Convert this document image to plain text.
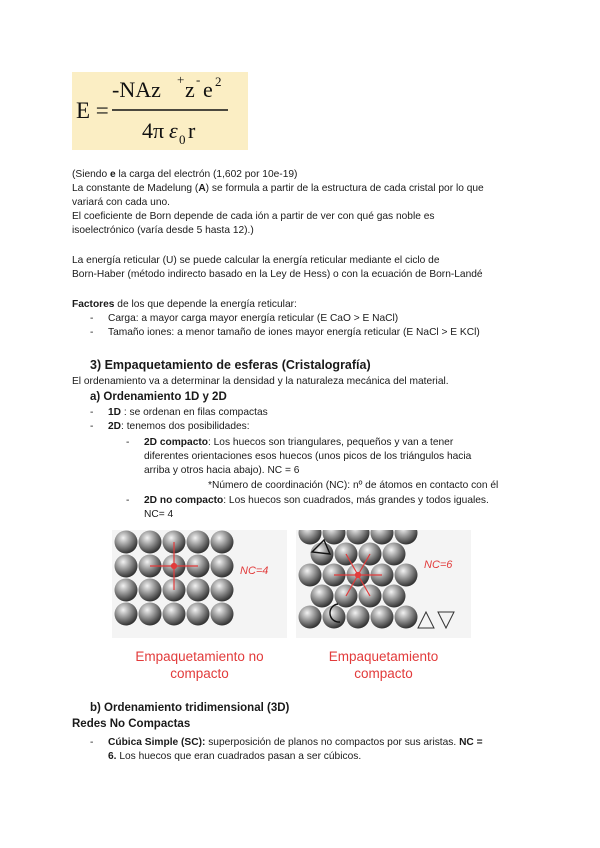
E =
-NAz + z - e 2
4π ε 0 r
(Siendo e la carga del electrón (1,602 por 10e-19)
La constante de Madelung (A) se formula a partir de la estructura de cada cristal por lo que
variará con cada uno.
El coeficiente de Born depende de cada ión a partir de ver con qué gas noble es
isoelectrónico (varía desde 5 hasta 12).)
La energía reticular (U) se puede calcular la energía reticular mediante el ciclo de
Born-Haber (método indirecto basado en la Ley de Hess) o con la ecuación de Born-Landé
Factores de los que depende la energía reticular:
- Carga: a mayor carga mayor energía reticular (E CaO > E NaCl)
- Tamaño iones: a menor tamaño de iones mayor energía reticular (E NaCl > E KCl)
3) Empaquetamiento de esferas (Cristalografía)
El ordenamiento va a determinar la densidad y la naturaleza mecánica del material.
a) Ordenamiento 1D y 2D
- 1D : se ordenan en filas compactas
- 2D: tenemos dos posibilidades:
- 2D compacto: Los huecos son triangulares, pequeños y van a tener
diferentes orientaciones esos huecos (unos picos de los triángulos hacia
arriba y otros hacia abajo). NC = 6
*Número de coordinación (NC): nº de átomos en contacto con él
- 2D no compacto: Los huecos son cuadrados, más grandes y todos iguales.
NC= 4
NC=4	NC=6
Empaquetamiento no
compacto
Empaquetamiento
compacto
b) Ordenamiento tridimensional (3D)
Redes No Compactas
- Cúbica Simple (SC): superposición de planos no compactos por sus aristas. NC =
6. Los huecos que eran cuadrados pasan a ser cúbicos.
